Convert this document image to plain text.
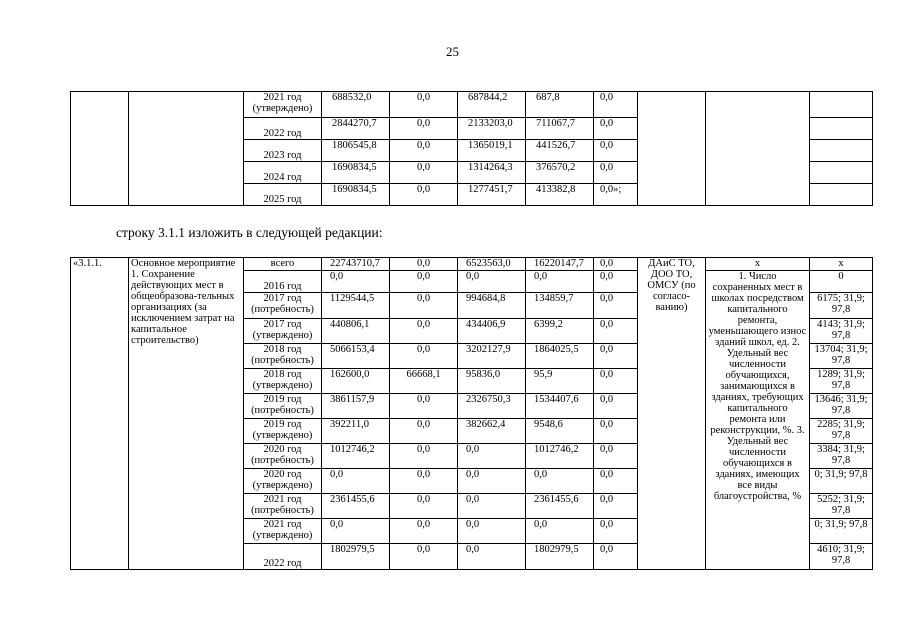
25
		2021 год (утверждено)	688532,0	0,0	687844,2	687,8	0,0			
		2022 год	2844270,7	0,0	2133203,0	711067,7	0,0			
		2023 год	1806545,8	0,0	1365019,1	441526,7	0,0			
		2024 год	1690834,5	0,0	1314264,3	376570,2	0,0			
		2025 год	1690834,5	0,0	1277451,7	413382,8	0,0»;			
строку 3.1.1 изложить в следующей редакции:
«3.1.1.	Основное мероприятие 1. Сохранение действующих мест в общеобразова-тельных организациях (за исключением затрат на капитальное строительство)	всего	22743710,7	0,0	6523563,0	16220147,7	0,0	ДАиС ТО, ДОО ТО, ОМСУ (по согласо-ванию)	х	х
		2016 год	0,0	0,0	0,0	0,0	0,0		1. Число сохраненных мест в школах посредством капитального ремонта, уменьшающего износ зданий школ, ед. 2. Удельный вес численности обучающихся, занимающихся в зданиях, требующих капитального ремонта или реконструкции, %. 3. Удельный вес численности обучающихся в зданиях, имеющих все виды благоустройства, %	0
		2017 год (потребность)	1129544,5	0,0	994684,8	134859,7	0,0			6175; 31,9; 97,8
		2017 год (утверждено)	440806,1	0,0	434406,9	6399,2	0,0			4143; 31,9; 97,8
		2018 год (потребность)	5066153,4	0,0	3202127,9	1864025,5	0,0			13704; 31,9; 97,8
		2018 год (утверждено)	162600,0	66668,1	95836,0	95,9	0,0			1289; 31,9; 97,8
		2019 год (потребность)	3861157,9	0,0	2326750,3	1534407,6	0,0			13646; 31,9; 97,8
		2019 год (утверждено)	392211,0	0,0	382662,4	9548,6	0,0			2285; 31,9; 97,8
		2020 год (потребность)	1012746,2	0,0	0,0	1012746,2	0,0			3384; 31,9; 97,8
		2020 год (утверждено)	0,0	0,0	0,0	0,0	0,0			0; 31,9; 97,8
		2021 год (потребность)	2361455,6	0,0	0,0	2361455,6	0,0			5252; 31,9; 97,8
		2021 год (утверждено)	0,0	0,0	0,0	0,0	0,0			0; 31,9; 97,8
		2022 год	1802979,5	0,0	0,0	1802979,5	0,0			4610; 31,9; 97,8
